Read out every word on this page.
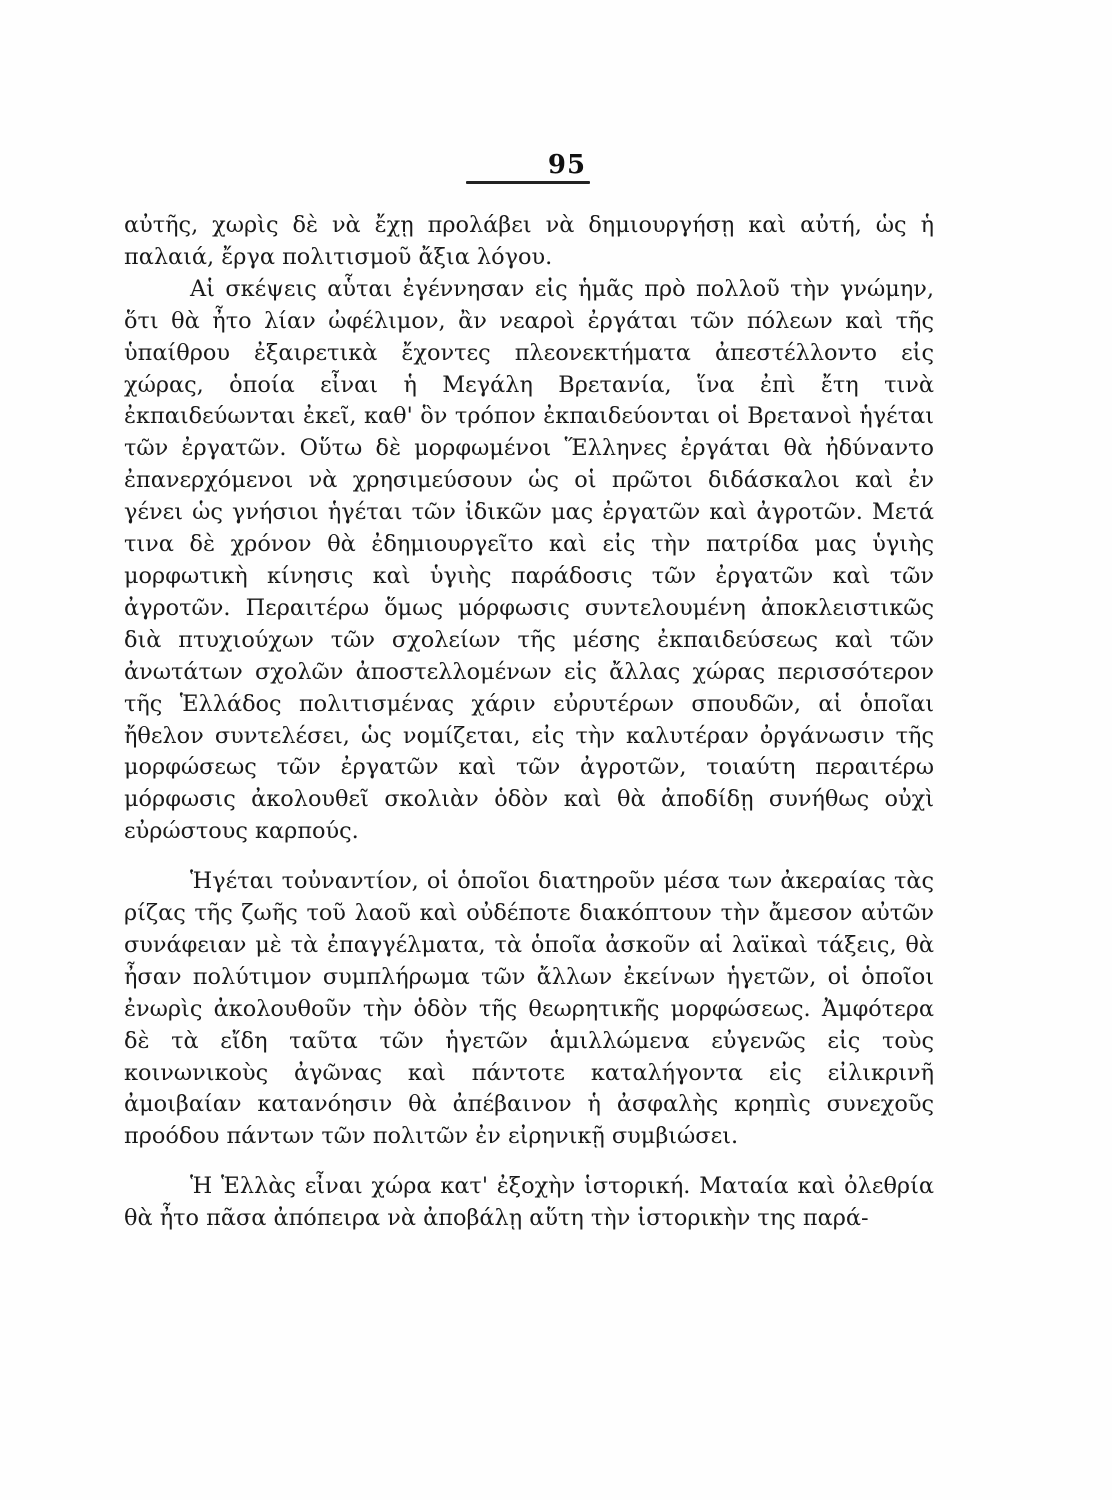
95

αὐτῆς, χωρὶς δὲ νὰ ἔχῃ προλάβει νὰ δημιουργήσῃ καὶ αὐτή, ὡς ἡ παλαιά, ἔργα πολιτισμοῦ ἄξια λόγου.

Αἱ σκέψεις αὗται ἐγέννησαν εἰς ἡμᾶς πρὸ πολλοῦ τὴν γνώμην, ὅτι θὰ ἦτο λίαν ὠφέλιμον, ἂν νεαροὶ ἐργάται τῶν πόλεων καὶ τῆς ὑπαίθρου ἐξαιρετικὰ ἔχοντες πλεονεκτήματα ἀπεστέλλοντο εἰς χώρας, ὁποία εἶναι ἡ Μεγάλη Βρετανία, ἵνα ἐπὶ ἔτη τινὰ ἐκπαιδεύωνται ἐκεῖ, καθ' ὃν τρόπον ἐκπαιδεύονται οἱ Βρετανοὶ ἡγέται τῶν ἐργατῶν. Οὕτω δὲ μορφωμένοι Ἕλληνες ἐργάται θὰ ἠδύναντο ἐπανερχόμενοι νὰ χρησιμεύσουν ὡς οἱ πρῶτοι διδάσκαλοι καὶ ἐν γένει ὡς γνήσιοι ἡγέται τῶν ἰδικῶν μας ἐργατῶν καὶ ἀγροτῶν. Μετά τινα δὲ χρόνον θὰ ἐδημιουργεῖτο καὶ εἰς τὴν πατρίδα μας ὑγιὴς μορφωτικὴ κίνησις καὶ ὑγιὴς παράδοσις τῶν ἐργατῶν καὶ τῶν ἀγροτῶν. Περαιτέρω ὅμως μόρφωσις συντελουμένη ἀποκλειστικῶς διὰ πτυχιούχων τῶν σχολείων τῆς μέσης ἐκπαιδεύσεως καὶ τῶν ἀνωτάτων σχολῶν ἀποστελλομένων εἰς ἄλλας χώρας περισσότερον τῆς Ἑλλάδος πολιτισμένας χάριν εὐρυτέρων σπουδῶν, αἱ ὁποῖαι ἤθελον συντελέσει, ὡς νομίζεται, εἰς τὴν καλυτέραν ὀργάνωσιν τῆς μορφώσεως τῶν ἐργατῶν καὶ τῶν ἀγροτῶν, τοιαύτη περαιτέρω μόρφωσις ἀκολουθεῖ σκολιὰν ὁδὸν καὶ θὰ ἀποδίδῃ συνήθως οὐχὶ εὐρώστους καρπούς.

Ἡγέται τοὐναντίον, οἱ ὁποῖοι διατηροῦν μέσα των ἀκεραίας τὰς ρίζας τῆς ζωῆς τοῦ λαοῦ καὶ οὐδέποτε διακόπτουν τὴν ἄμεσον αὐτῶν συνάφειαν μὲ τὰ ἐπαγγέλματα, τὰ ὁποῖα ἀσκοῦν αἱ λαϊκαὶ τάξεις, θὰ ἦσαν πολύτιμον συμπλήρωμα τῶν ἄλλων ἐκείνων ἡγετῶν, οἱ ὁποῖοι ἐνωρὶς ἀκολουθοῦν τὴν ὁδὸν τῆς θεωρητικῆς μορφώσεως. Ἀμφότερα δὲ τὰ εἴδη ταῦτα τῶν ἡγετῶν ἁμιλλώμενα εὐγενῶς εἰς τοὺς κοινωνικοὺς ἀγῶνας καὶ πάντοτε καταλήγοντα εἰς εἰλικρινῆ ἀμοιβαίαν κατανόησιν θὰ ἀπέβαινον ἡ ἀσφαλὴς κρηπὶς συνεχοῦς προόδου πάντων τῶν πολιτῶν ἐν εἰρηνικῇ συμβιώσει.

Ἡ Ἑλλὰς εἶναι χώρα κατ' ἐξοχὴν ἱστορική. Ματαία καὶ ὀλεθρία θὰ ἦτο πᾶσα ἀπόπειρα νὰ ἀποβάλῃ αὕτη τὴν ἱστορικὴν της παρά-
